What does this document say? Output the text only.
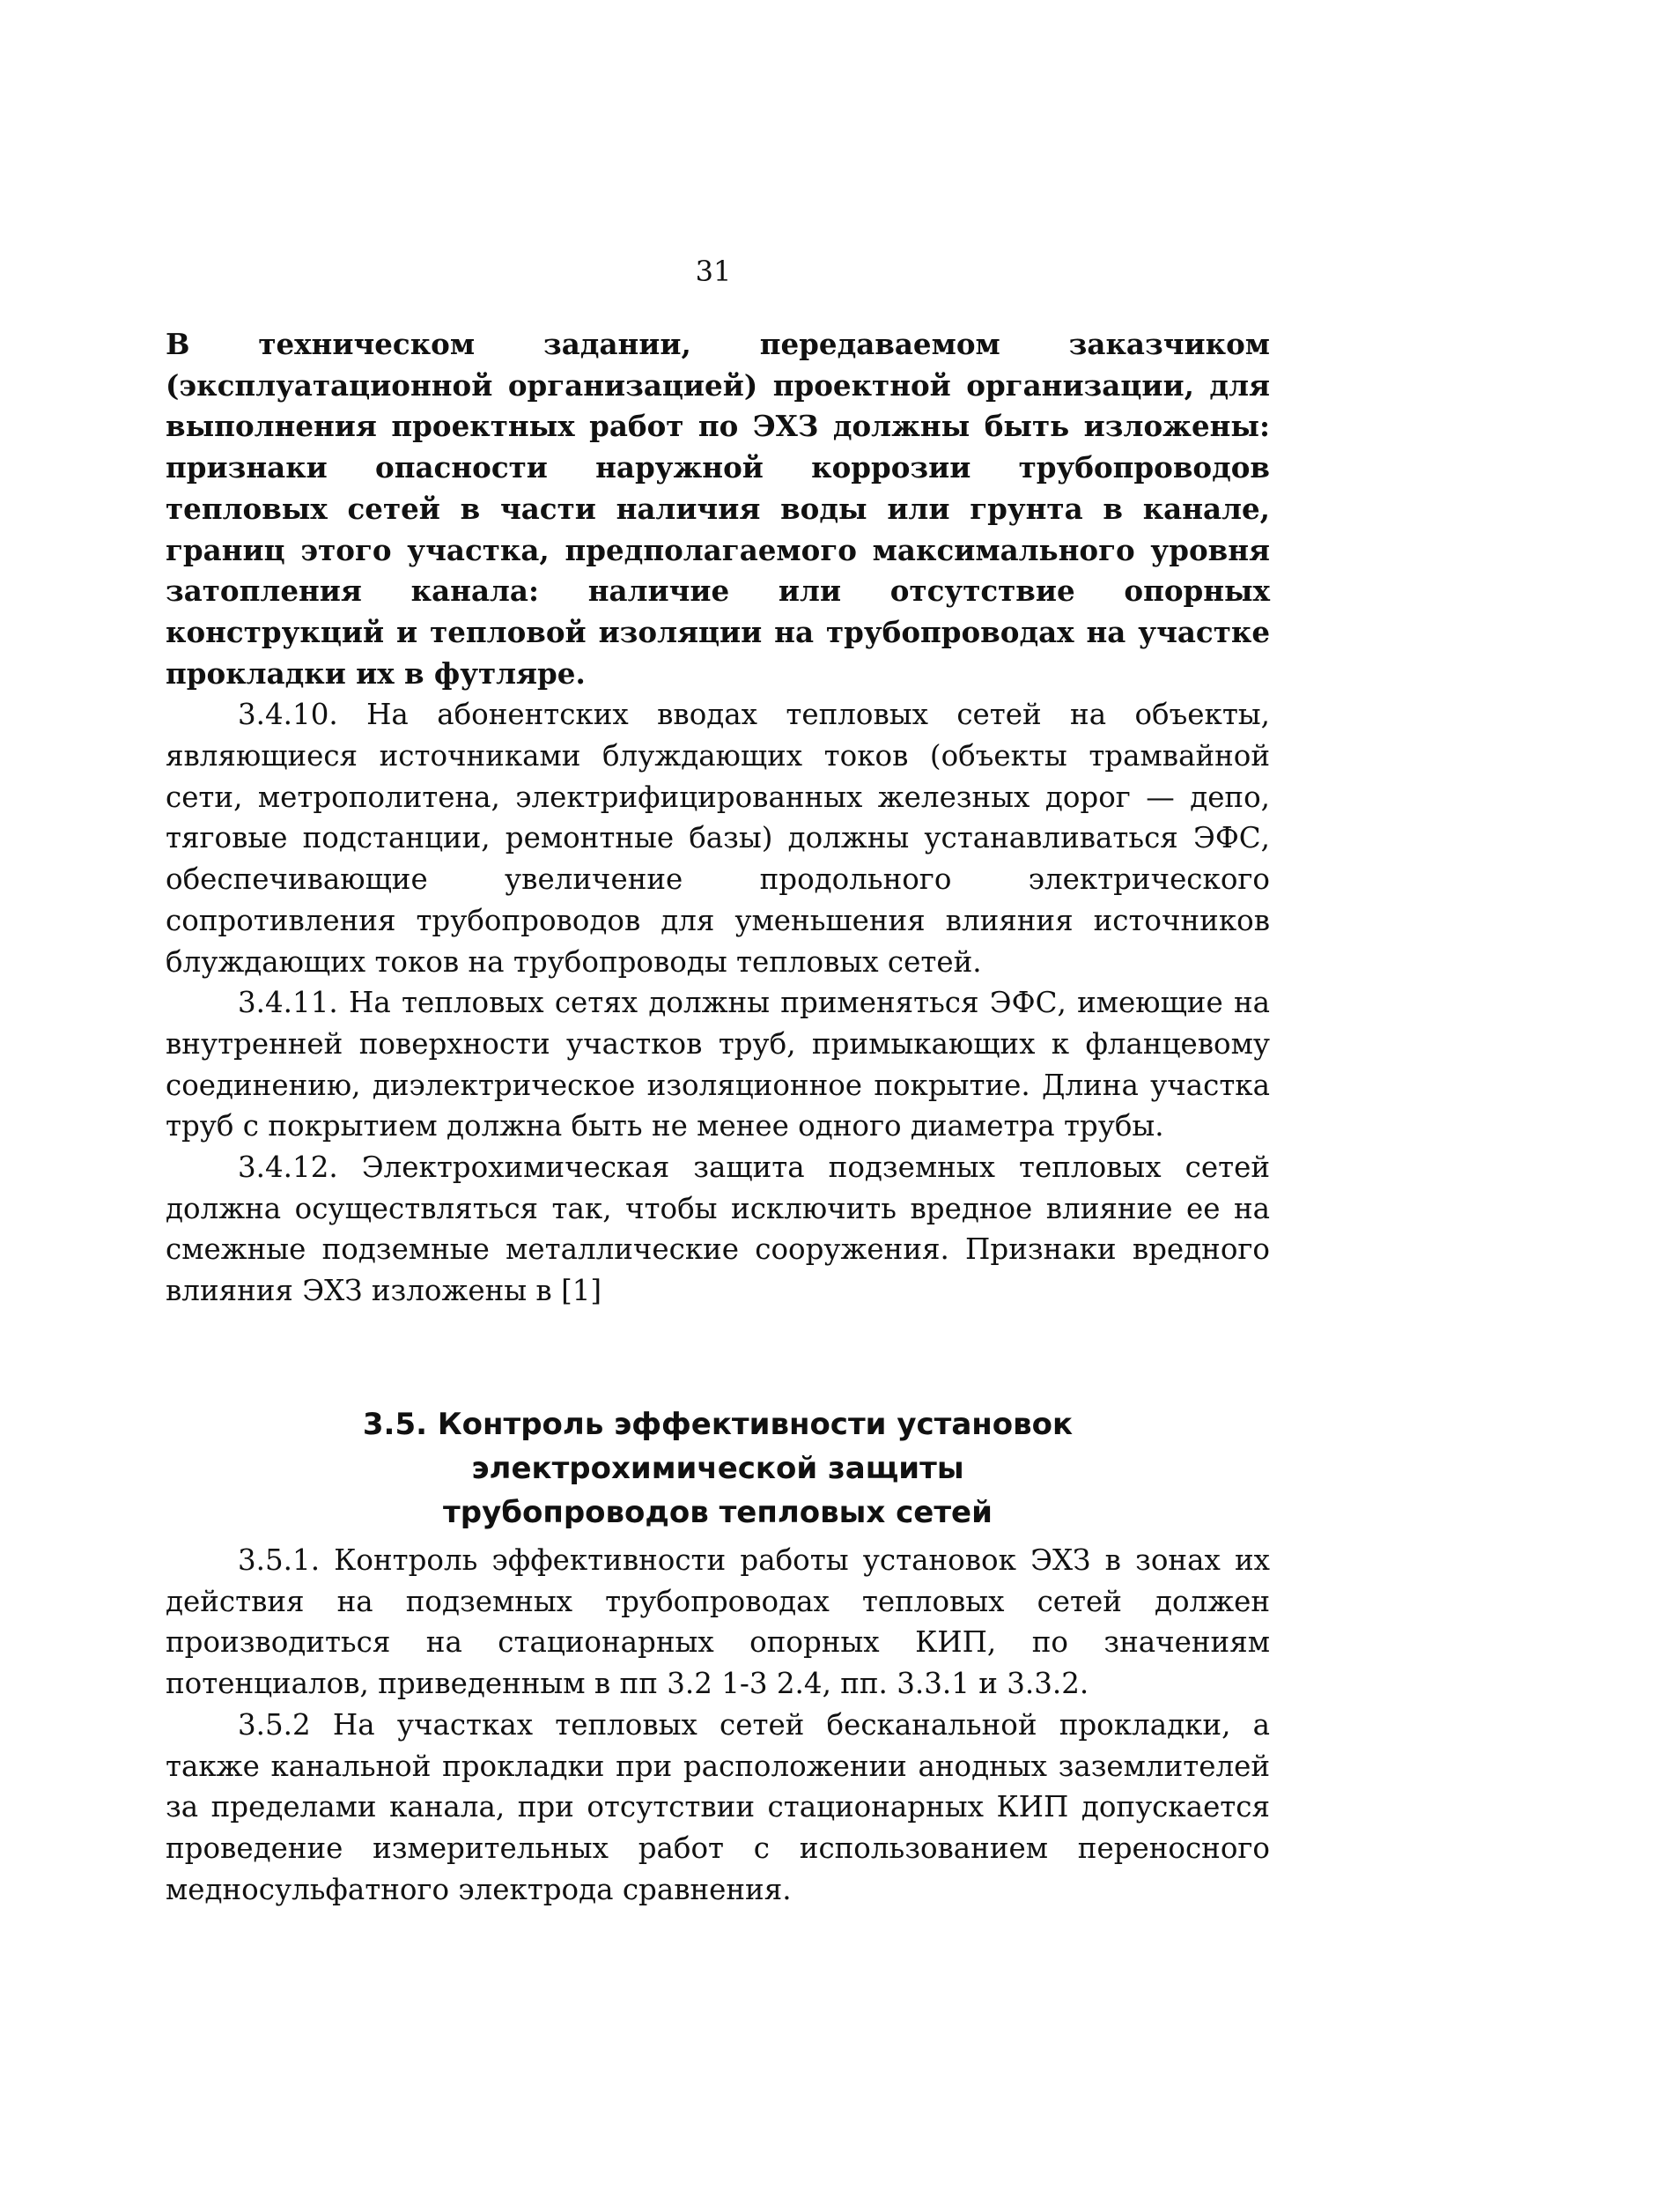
31

В техническом задании, передаваемом заказчиком (эксплуатационной организацией) проектной организации, для выполнения проектных работ по ЭХЗ должны быть изложены: признаки опасности наружной коррозии трубопроводов тепловых сетей в части наличия воды или грунта в канале, границ этого участка, предполагаемого максимального уровня затопления канала: наличие или отсутствие опорных конструкций и тепловой изоляции на трубопроводах на участке прокладки их в футляре.

3.4.10. На абонентских вводах тепловых сетей на объекты, являющиеся источниками блуждающих токов (объекты трамвайной сети, метрополитена, электрифицированных железных дорог — депо, тяговые подстанции, ремонтные базы) должны устанавливаться ЭФС, обеспечивающие увеличение продольного электрического сопротивления трубопроводов для уменьшения влияния источников блуждающих токов на трубопроводы тепловых сетей.

3.4.11. На тепловых сетях должны применяться ЭФС, имеющие на внутренней поверхности участков труб, примыкающих к фланцевому соединению, диэлектрическое изоляционное покрытие. Длина участка труб с покрытием должна быть не менее одного диаметра трубы.

3.4.12. Электрохимическая защита подземных тепловых сетей должна осуществляться так, чтобы исключить вредное влияние ее на смежные подземные металлические сооружения. Признаки вредного влияния ЭХЗ изложены в [1]

3.5. Контроль эффективности установок
электрохимической защиты
трубопроводов тепловых сетей

3.5.1. Контроль эффективности работы установок ЭХЗ в зонах их действия на подземных трубопроводах тепловых сетей должен производиться на стационарных опорных КИП, по значениям потенциалов, приведенным в пп 3.2 1-3 2.4, пп. 3.3.1 и 3.3.2.

3.5.2 На участках тепловых сетей бесканальной прокладки, а также канальной прокладки при расположении анодных заземлителей за пределами канала, при отсутствии стационарных КИП допускается проведение измерительных работ с использованием переносного медносульфатного электрода сравнения.
